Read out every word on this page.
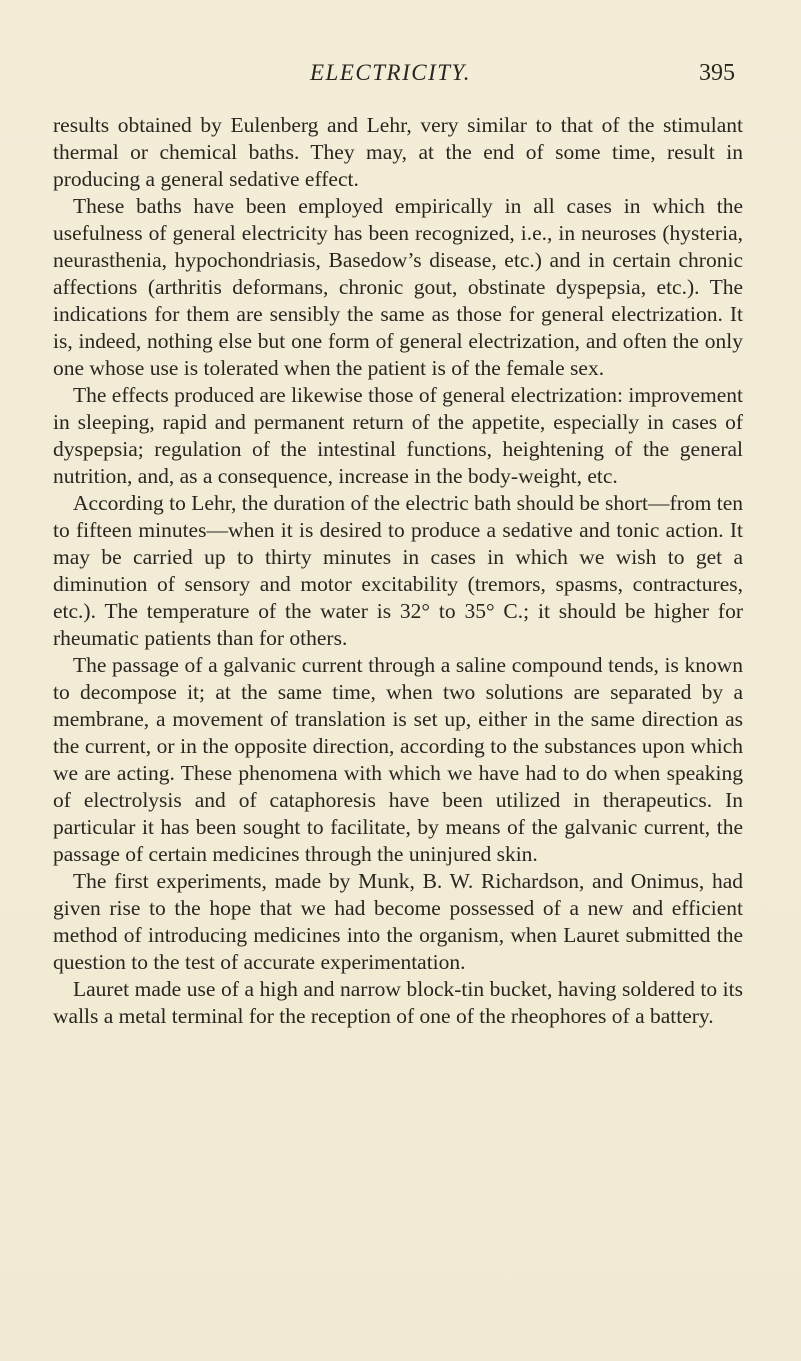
ELECTRICITY.	395

results obtained by Eulenberg and Lehr, very similar to that of the stimulant thermal or chemical baths. They may, at the end of some time, result in producing a general sedative effect.

These baths have been employed empirically in all cases in which the usefulness of general electricity has been recognized, i.e., in neuroses (hysteria, neurasthenia, hypochondriasis, Basedow’s disease, etc.) and in certain chronic affections (arthritis deformans, chronic gout, obstinate dyspepsia, etc.). The indications for them are sensibly the same as those for general electrization. It is, indeed, nothing else but one form of general electrization, and often the only one whose use is tolerated when the patient is of the female sex.

The effects produced are likewise those of general electrization: improvement in sleeping, rapid and permanent return of the appetite, especially in cases of dyspepsia; regulation of the intestinal functions, heightening of the general nutrition, and, as a consequence, increase in the body-weight, etc.

According to Lehr, the duration of the electric bath should be short—from ten to fifteen minutes—when it is desired to produce a sedative and tonic action. It may be carried up to thirty minutes in cases in which we wish to get a diminution of sensory and motor excitability (tremors, spasms, contractures, etc.). The temperature of the water is 32° to 35° C.; it should be higher for rheumatic patients than for others.

The passage of a galvanic current through a saline compound tends, is known to decompose it; at the same time, when two solutions are separated by a membrane, a movement of translation is set up, either in the same direction as the current, or in the opposite direction, according to the substances upon which we are acting. These phenomena with which we have had to do when speaking of electrolysis and of cataphoresis have been utilized in therapeutics. In particular it has been sought to facilitate, by means of the galvanic current, the passage of certain medicines through the uninjured skin.

The first experiments, made by Munk, B. W. Richardson, and Onimus, had given rise to the hope that we had become possessed of a new and efficient method of introducing medicines into the organism, when Lauret submitted the question to the test of accurate experimentation.

Lauret made use of a high and narrow block-tin bucket, having soldered to its walls a metal terminal for the reception of one of the rheophores of a battery.
